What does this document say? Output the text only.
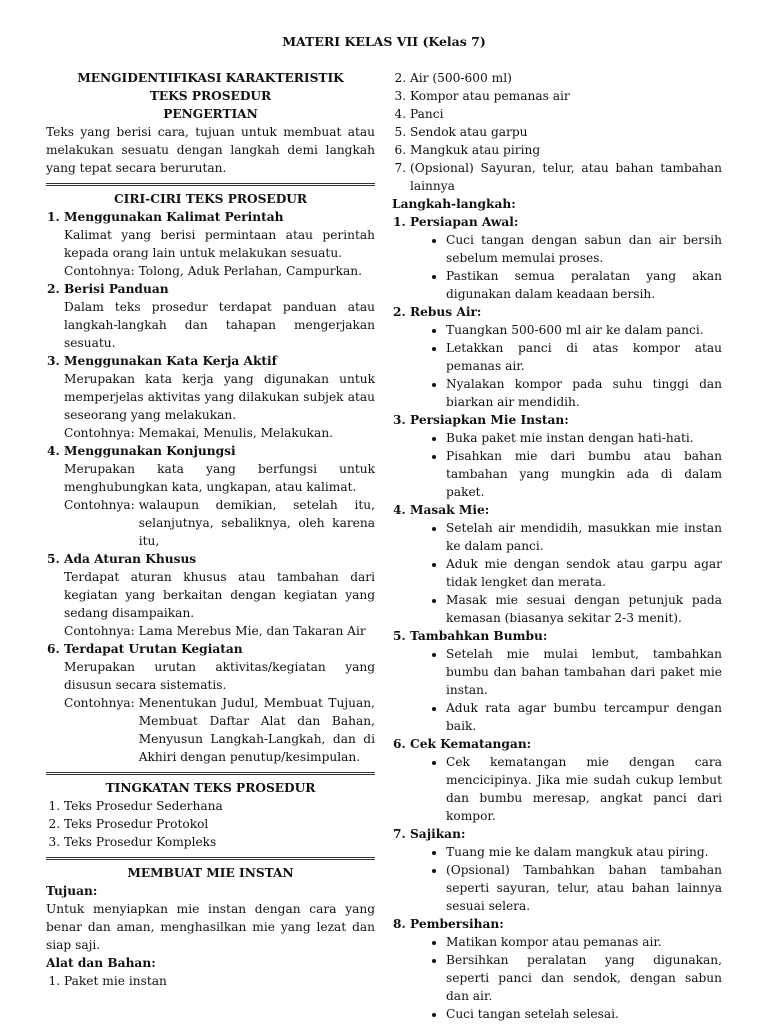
MATERI KELAS VII (Kelas 7)
MENGIDENTIFIKASI KARAKTERISTIK
TEKS PROSEDUR
PENGERTIAN
Teks yang berisi cara, tujuan untuk membuat atau melakukan sesuatu dengan langkah demi langkah yang tepat secara berurutan.
CIRI-CIRI TEKS PROSEDUR
1. Menggunakan Kalimat Perintah
Kalimat yang berisi permintaan atau perintah kepada orang lain untuk melakukan sesuatu.
Contohnya: Tolong, Aduk Perlahan, Campurkan.
2. Berisi Panduan
Dalam teks prosedur terdapat panduan atau langkah-langkah dan tahapan mengerjakan sesuatu.
3. Menggunakan Kata Kerja Aktif
Merupakan kata kerja yang digunakan untuk memperjelas aktivitas yang dilakukan subjek atau seseorang yang melakukan.
Contohnya: Memakai, Menulis, Melakukan.
4. Menggunakan Konjungsi
Merupakan kata yang berfungsi untuk menghubungkan kata, ungkapan, atau kalimat.
Contohnya: walaupun demikian, setelah itu, selanjutnya, sebaliknya, oleh karena itu,
5. Ada Aturan Khusus
Terdapat aturan khusus atau tambahan dari kegiatan yang berkaitan dengan kegiatan yang sedang disampaikan.
Contohnya: Lama Merebus Mie, dan Takaran Air
6. Terdapat Urutan Kegiatan
Merupakan urutan aktivitas/kegiatan yang disusun secara sistematis.
Contohnya: Menentukan Judul, Membuat Tujuan, Membuat Daftar Alat dan Bahan, Menyusun Langkah-Langkah, dan di Akhiri dengan penutup/kesimpulan.
TINGKATAN TEKS PROSEDUR
1. Teks Prosedur Sederhana
2. Teks Prosedur Protokol
3. Teks Prosedur Kompleks
MEMBUAT MIE INSTAN
Tujuan:
Untuk menyiapkan mie instan dengan cara yang benar dan aman, menghasilkan mie yang lezat dan siap saji.
Alat dan Bahan:
1. Paket mie instan
2. Air (500-600 ml)
3. Kompor atau pemanas air
4. Panci
5. Sendok atau garpu
6. Mangkuk atau piring
7. (Opsional) Sayuran, telur, atau bahan tambahan lainnya
Langkah-langkah:
1. Persiapan Awal:
• Cuci tangan dengan sabun dan air bersih sebelum memulai proses.
• Pastikan semua peralatan yang akan digunakan dalam keadaan bersih.
2. Rebus Air:
• Tuangkan 500-600 ml air ke dalam panci.
• Letakkan panci di atas kompor atau pemanas air.
• Nyalakan kompor pada suhu tinggi dan biarkan air mendidih.
3. Persiapkan Mie Instan:
• Buka paket mie instan dengan hati-hati.
• Pisahkan mie dari bumbu atau bahan tambahan yang mungkin ada di dalam paket.
4. Masak Mie:
• Setelah air mendidih, masukkan mie instan ke dalam panci.
• Aduk mie dengan sendok atau garpu agar tidak lengket dan merata.
• Masak mie sesuai dengan petunjuk pada kemasan (biasanya sekitar 2-3 menit).
5. Tambahkan Bumbu:
• Setelah mie mulai lembut, tambahkan bumbu dan bahan tambahan dari paket mie instan.
• Aduk rata agar bumbu tercampur dengan baik.
6. Cek Kematangan:
• Cek kematangan mie dengan cara mencicipinya. Jika mie sudah cukup lembut dan bumbu meresap, angkat panci dari kompor.
7. Sajikan:
• Tuang mie ke dalam mangkuk atau piring.
• (Opsional) Tambahkan bahan tambahan seperti sayuran, telur, atau bahan lainnya sesuai selera.
8. Pembersihan:
• Matikan kompor atau pemanas air.
• Bersihkan peralatan yang digunakan, seperti panci dan sendok, dengan sabun dan air.
• Cuci tangan setelah selesai.
